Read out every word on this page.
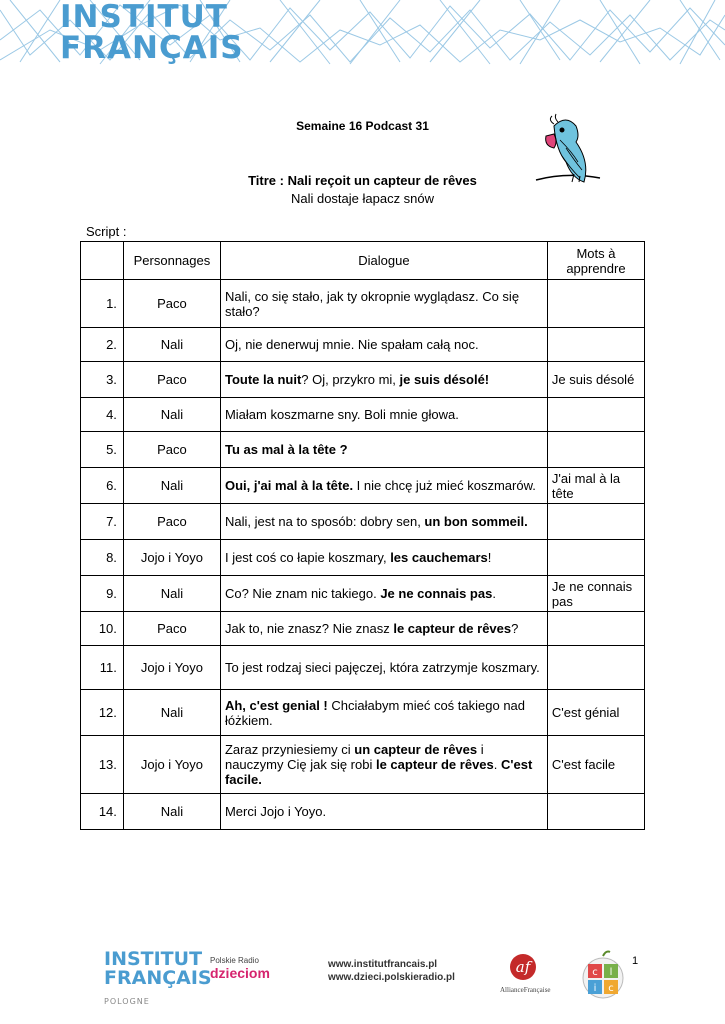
INSTITUT
FRANÇAIS
Semaine 16 Podcast 31
Titre : Nali reçoit un capteur de rêves
Nali dostaje łapacz snów
Script :
	Personnages	Dialogue	Mots à apprendre
1.	Paco	Nali, co się stało, jak ty okropnie wyglądasz. Co się stało?	
2.	Nali	Oj, nie denerwuj mnie. Nie spałam całą noc.	
3.	Paco	Toute la nuit? Oj, przykro mi, je suis désolé!	Je suis désolé
4.	Nali	Miałam koszmarne sny. Boli mnie głowa.	
5.	Paco	Tu as mal à la tête ?	
6.	Nali	Oui, j'ai mal à la tête. I nie chcę już mieć koszmarów.	J'ai mal à la tête
7.	Paco	Nali, jest na to sposób: dobry sen, un bon sommeil.	
8.	Jojo i Yoyo	I jest coś co łapie koszmary, les cauchemars!	
9.	Nali	Co? Nie znam nic takiego. Je ne connais pas.	Je ne connais pas
10.	Paco	Jak to, nie znasz? Nie znasz le capteur de rêves?	
11.	Jojo i Yoyo	To jest rodzaj sieci pajęczej, która zatrzymje koszmary.	
12.	Nali	Ah, c'est genial ! Chciałabym mieć coś takiego nad łóżkiem.	C'est génial
13.	Jojo i Yoyo	Zaraz przyniesiemy ci un capteur de rêves i nauczymy Cię jak się robi le capteur de rêves. C'est facile.	C'est facile
14.	Nali	Merci Jojo i Yoyo.	
INSTITUT
FRANÇAIS
POLOGNE
Polskie Radio
dzieciom
www.institutfrancais.pl
www.dzieci.polskieradio.pl
af
AllianceFrançaise
c l
i c
1
